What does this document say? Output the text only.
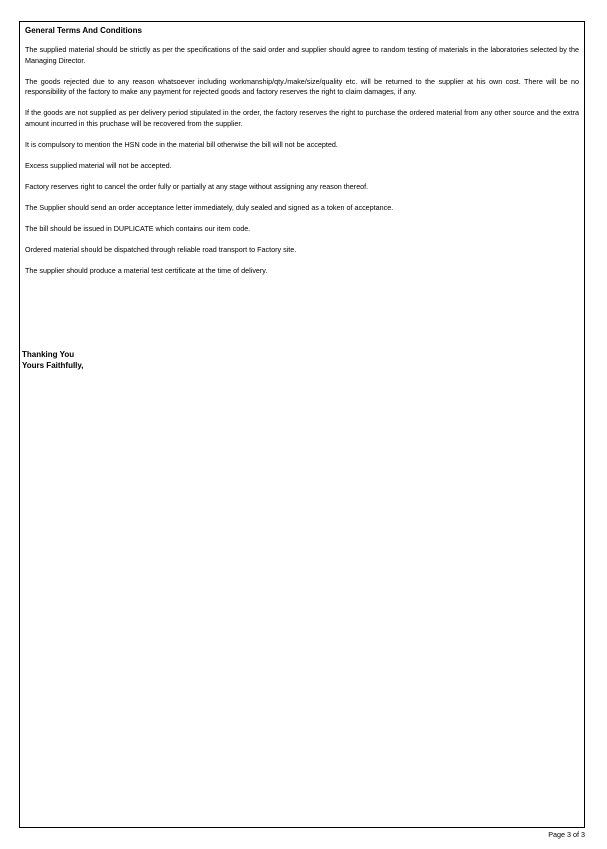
General Terms And Conditions

The supplied material should be strictly as per the specifications of the said order and supplier should agree to random testing of materials in the laboratories selected by the Managing Director.

The goods rejected due to any reason whatsoever including workmanship/qty./make/size/quality etc. will be returned to the supplier at his own cost. There will be no responsibility of the factory to make any payment for rejected goods and factory reserves the right to claim damages, if any.

If the goods are not supplied as per delivery period stipulated in the order, the factory reserves the right to purchase the ordered material from any other source and the extra amount incurred in this pruchase will be recovered from the supplier.

It is compulsory to mention the HSN code in the material bill otherwise the bill will not be accepted.

Excess supplied material will not be accepted.

Factory reserves right to cancel the order fully or partially at any stage without assigning any reason thereof.

The Supplier should send an order acceptance letter immediately, duly sealed and signed as a token of acceptance.

The bill should be issued in DUPLICATE which contains our item code.

Ordered material should be dispatched through reliable road transport to Factory site.

The supplier should produce a material test certificate at the time of delivery.

Thanking You
Yours Faithfully,
Page 3 of 3
